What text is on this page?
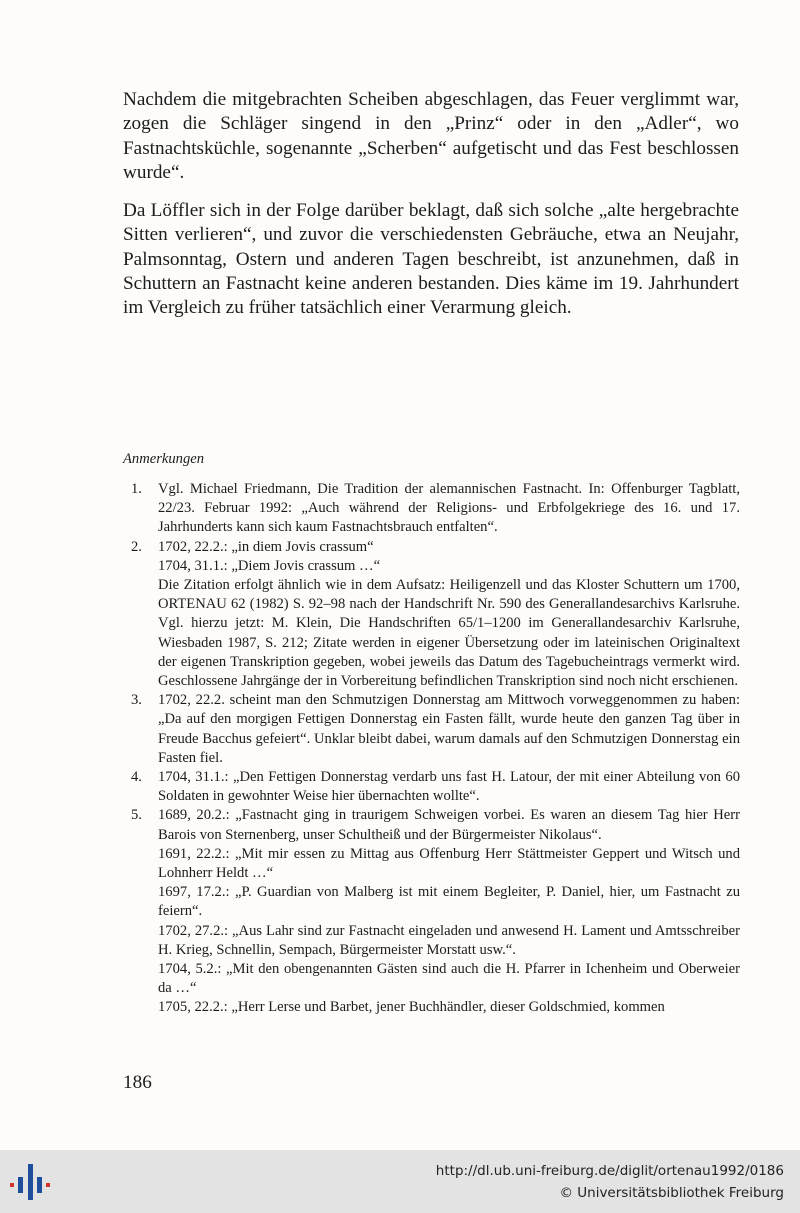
Nachdem die mitgebrachten Scheiben abgeschlagen, das Feuer verglimmt war, zogen die Schläger singend in den „Prinz“ oder in den „Adler“, wo Fastnachtsküchle, sogenannte „Scherben“ aufgetischt und das Fest beschlossen wurde“.

Da Löffler sich in der Folge darüber beklagt, daß sich solche „alte hergebrachte Sitten verlieren“, und zuvor die verschiedensten Gebräuche, etwa an Neujahr, Palmsonntag, Ostern und anderen Tagen beschreibt, ist anzunehmen, daß in Schuttern an Fastnacht keine anderen bestanden. Dies käme im 19. Jahrhundert im Vergleich zu früher tatsächlich einer Verarmung gleich.

Anmerkungen

1. Vgl. Michael Friedmann, Die Tradition der alemannischen Fastnacht. In: Offenburger Tagblatt, 22/23. Februar 1992: „Auch während der Religions- und Erbfolgekriege des 16. und 17. Jahrhunderts kann sich kaum Fastnachtsbrauch entfalten“.
2. 1702, 22.2.: „in diem Jovis crassum“
1704, 31.1.: „Diem Jovis crassum …“
Die Zitation erfolgt ähnlich wie in dem Aufsatz: Heiligenzell und das Kloster Schuttern um 1700, ORTENAU 62 (1982) S. 92–98 nach der Handschrift Nr. 590 des Generallandesarchivs Karlsruhe. Vgl. hierzu jetzt: M. Klein, Die Handschriften 65/1–1200 im Generallandesarchiv Karlsruhe, Wiesbaden 1987, S. 212; Zitate werden in eigener Übersetzung oder im lateinischen Originaltext der eigenen Transkription gegeben, wobei jeweils das Datum des Tagebucheintrags vermerkt wird. Geschlossene Jahrgänge der in Vorbereitung befindlichen Transkription sind noch nicht erschienen.
3. 1702, 22.2. scheint man den Schmutzigen Donnerstag am Mittwoch vorweggenommen zu haben: „Da auf den morgigen Fettigen Donnerstag ein Fasten fällt, wurde heute den ganzen Tag über in Freude Bacchus gefeiert“. Unklar bleibt dabei, warum damals auf den Schmutzigen Donnerstag ein Fasten fiel.
4. 1704, 31.1.: „Den Fettigen Donnerstag verdarb uns fast H. Latour, der mit einer Abteilung von 60 Soldaten in gewohnter Weise hier übernachten wollte“.
5. 1689, 20.2.: „Fastnacht ging in traurigem Schweigen vorbei. Es waren an diesem Tag hier Herr Barois von Sternenberg, unser Schultheiß und der Bürgermeister Nikolaus“.
1691, 22.2.: „Mit mir essen zu Mittag aus Offenburg Herr Stättmeister Geppert und Witsch und Lohnherr Heldt …“
1697, 17.2.: „P. Guardian von Malberg ist mit einem Begleiter, P. Daniel, hier, um Fastnacht zu feiern“.
1702, 27.2.: „Aus Lahr sind zur Fastnacht eingeladen und anwesend H. Lament und Amtsschreiber H. Krieg, Schnellin, Sempach, Bürgermeister Morstatt usw.“.
1704, 5.2.: „Mit den obengenannten Gästen sind auch die H. Pfarrer in Ichenheim und Oberweier da …“
1705, 22.2.: „Herr Lerse und Barbet, jener Buchhändler, dieser Goldschmied, kommen

186

http://dl.ub.uni-freiburg.de/diglit/ortenau1992/0186
© Universitätsbibliothek Freiburg
